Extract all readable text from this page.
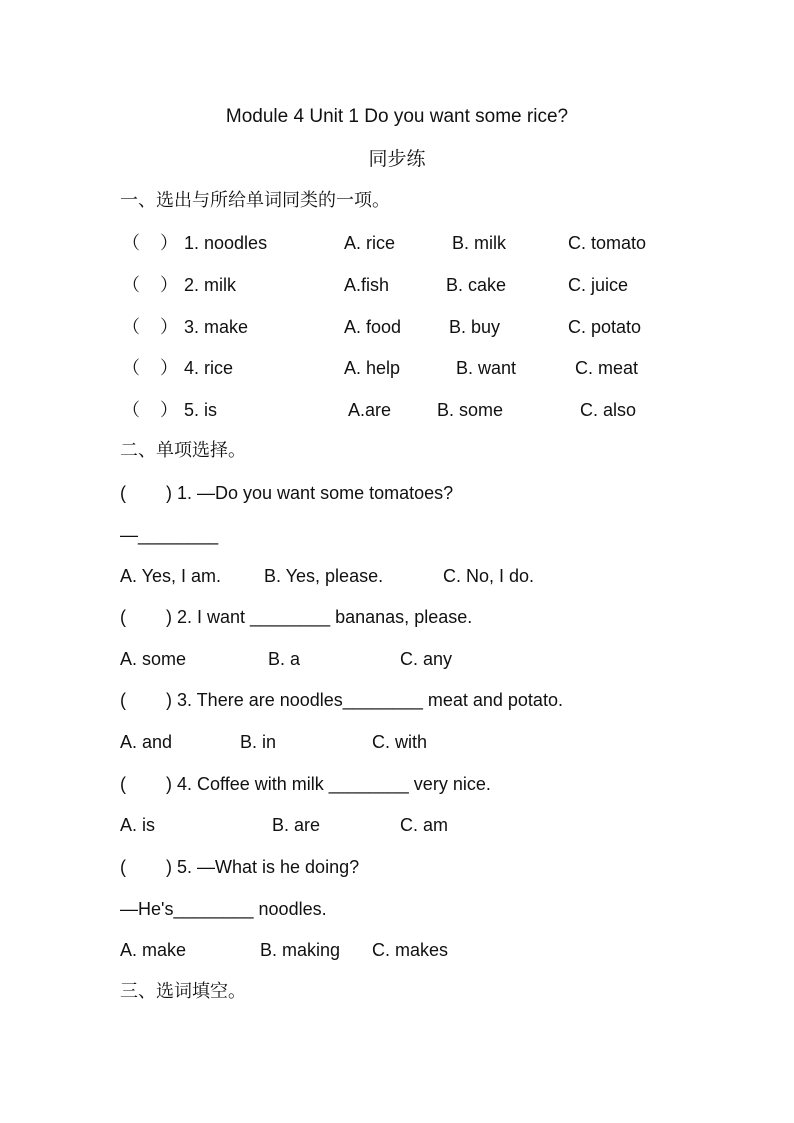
Module 4 Unit 1 Do you want some rice?
同步练
一、选出与所给单词同类的一项。
（    ） 1. noodles	A. rice	B. milk	C. tomato
（    ） 2. milk	A.fish	B. cake	C. juice
（    ） 3. make	A. food	B. buy	C. potato
（    ） 4. rice	A. help	B. want	C. meat
（    ） 5. is	A.are	B. some	C. also
二、单项选择。
(        ) 1. —Do you want some tomatoes?
—________
A. Yes, I am. B. Yes, please.	C. No, I do.
(        ) 2. I want ________ bananas, please.
A. some	B. a	C. any
(        ) 3. There are noodles________ meat and potato.
A. and	B. in	C. with
(        ) 4. Coffee with milk ________ very nice.
A. is	B. are	C. am
(        ) 5. —What is he doing?
—He's________ noodles.
A. make	B. making C. makes
三、选词填空。
